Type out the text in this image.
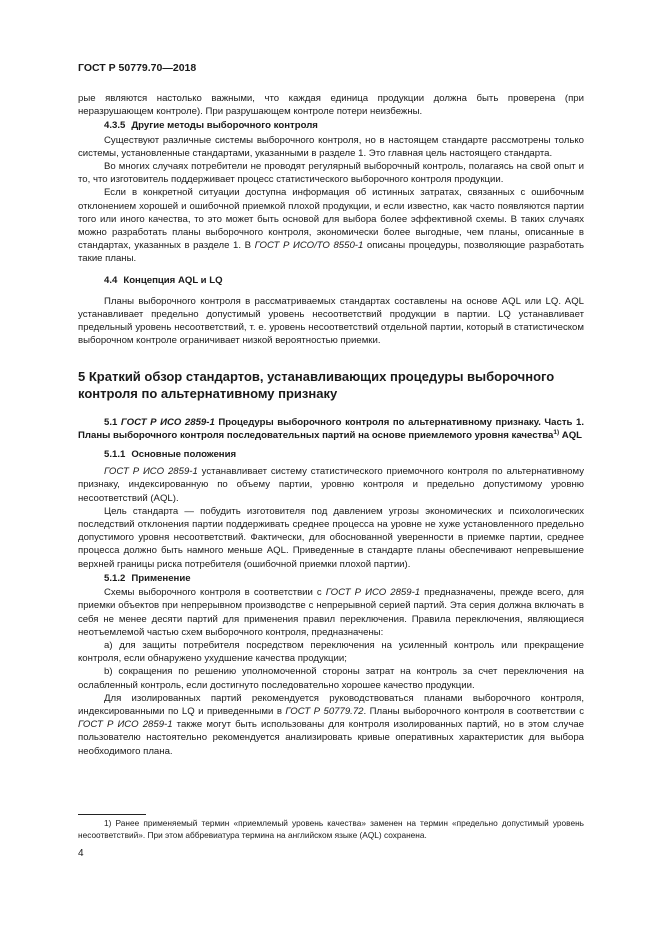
ГОСТ Р 50779.70—2018

рые являются настолько важными, что каждая единица продукции должна быть проверена (при неразрушающем контроле). При разрушающем контроле потери неизбежны.

4.3.5 Другие методы выборочного контроля

Существуют различные системы выборочного контроля, но в настоящем стандарте рассмотрены только системы, установленные стандартами, указанными в разделе 1. Это главная цель настоящего стандарта.

Во многих случаях потребители не проводят регулярный выборочный контроль, полагаясь на свой опыт и то, что изготовитель поддерживает процесс статистического выборочного контроля продукции.

Если в конкретной ситуации доступна информация об истинных затратах, связанных с ошибочным отклонением хорошей и ошибочной приемкой плохой продукции, и если известно, как часто появляются партии того или иного качества, то это может быть основой для выбора более эффективной схемы. В таких случаях можно разработать планы выборочного контроля, экономически более выгодные, чем планы, описанные в стандартах, указанных в разделе 1. В ГОСТ Р ИСО/ТО 8550-1 описаны процедуры, позволяющие разработать такие планы.

4.4 Концепция AQL и LQ

Планы выборочного контроля в рассматриваемых стандартах составлены на основе AQL или LQ. AQL устанавливает предельно допустимый уровень несоответствий продукции в партии. LQ устанавливает предельный уровень несоответствий, т. е. уровень несоответствий отдельной партии, который в статистическом выборочном контроле ограничивает низкой вероятностью приемки.

5 Краткий обзор стандартов, устанавливающих процедуры выборочного контроля по альтернативному признаку

5.1 ГОСТ Р ИСО 2859-1 Процедуры выборочного контроля по альтернативному признаку. Часть 1. Планы выборочного контроля последовательных партий на основе приемлемого уровня качества$^{1)}$ AQL

5.1.1 Основные положения

ГОСТ Р ИСО 2859-1 устанавливает систему статистического приемочного контроля по альтернативному признаку, индексированную по объему партии, уровню контроля и предельно допустимому уровню несоответствий (AQL).

Цель стандарта — побудить изготовителя под давлением угрозы экономических и психологических последствий отклонения партии поддерживать среднее процесса на уровне не хуже установленного предельно допустимого уровня несоответствий. Фактически, для обоснованной уверенности в приемке партии, среднее процесса должно быть намного меньше AQL. Приведенные в стандарте планы обеспечивают непревышение верхней границы риска потребителя (ошибочной приемки плохой партии).

5.1.2 Применение

Схемы выборочного контроля в соответствии с ГОСТ Р ИСО 2859-1 предназначены, прежде всего, для приемки объектов при непрерывном производстве с непрерывной серией партий. Эта серия должна включать в себя не менее десяти партий для применения правил переключения. Правила переключения, являющиеся неотъемлемой частью схем выборочного контроля, предназначены:

а) для защиты потребителя посредством переключения на усиленный контроль или прекращение контроля, если обнаружено ухудшение качества продукции;

b) сокращения по решению уполномоченной стороны затрат на контроль за счет переключения на ослабленный контроль, если достигнуто последовательно хорошее качество продукции.

Для изолированных партий рекомендуется руководствоваться планами выборочного контроля, индексированными по LQ и приведенными в ГОСТ Р 50779.72. Планы выборочного контроля в соответствии с ГОСТ Р ИСО 2859-1 также могут быть использованы для контроля изолированных партий, но в этом случае пользователю настоятельно рекомендуется анализировать кривые оперативных характеристик для выбора необходимого плана.

1) Ранее применяемый термин «приемлемый уровень качества» заменен на термин «предельно допустимый уровень несоответствий». При этом аббревиатура термина на английском языке (AQL) сохранена.
4
